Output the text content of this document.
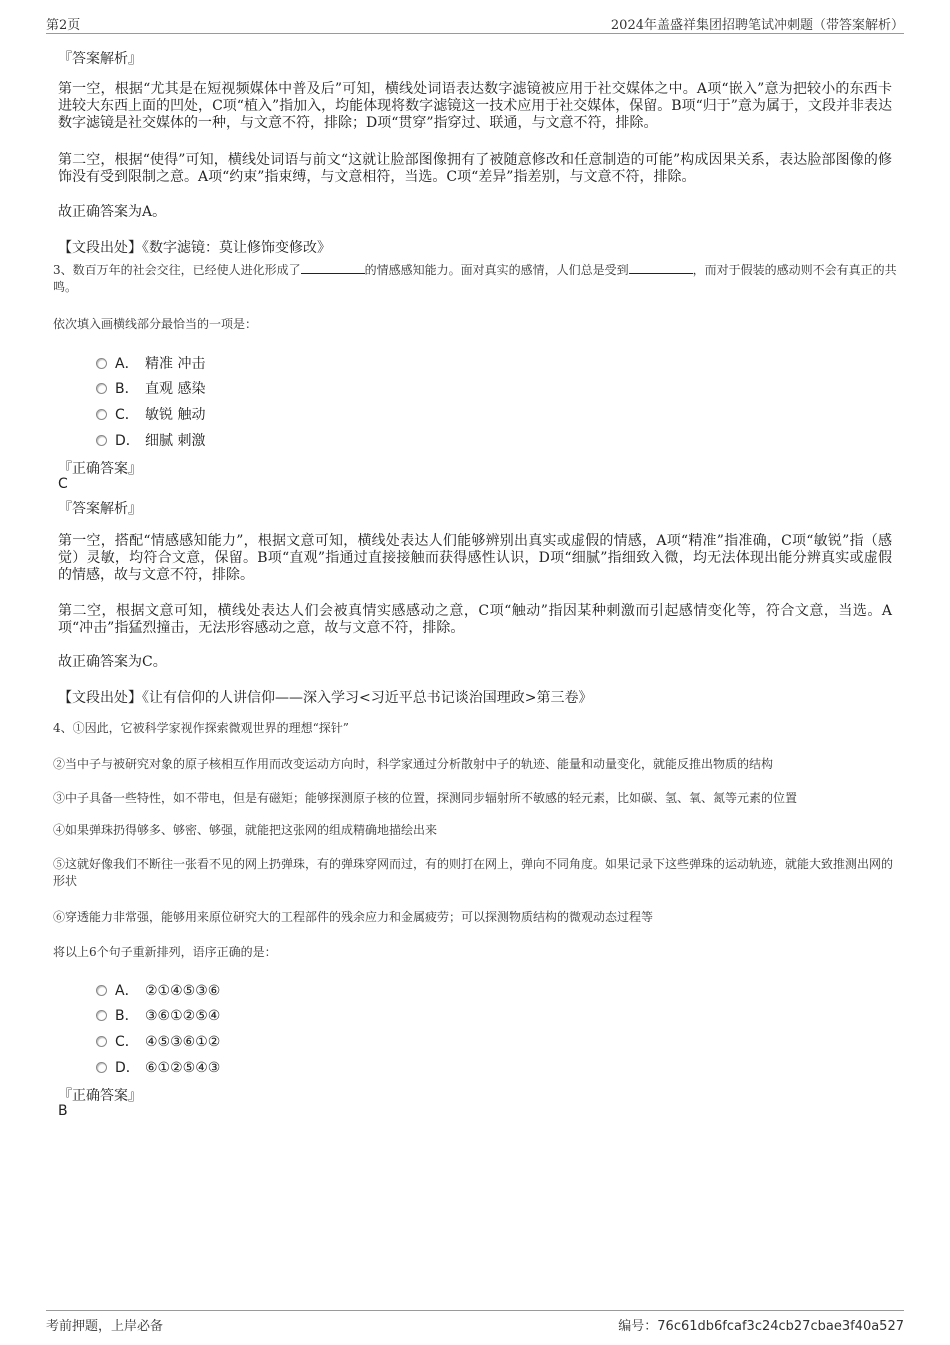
第2页	2024年盖盛祥集团招聘笔试冲刺题（带答案解析）
『答案解析』
第一空，根据“尤其是在短视频媒体中普及后”可知，横线处词语表达数字滤镜被应用于社交媒体之中。A项“嵌入”意为把较小的东西卡进较大东西上面的凹处，C项“植入”指加入，均能体现将数字滤镜这一技术应用于社交媒体，保留。B项“归于”意为属于，文段并非表达数字滤镜是社交媒体的一种，与文意不符，排除；D项“贯穿”指穿过、联通，与文意不符，排除。
第二空，根据“使得”可知，横线处词语与前文“这就让脸部图像拥有了被随意修改和任意制造的可能”构成因果关系，表达脸部图像的修饰没有受到限制之意。A项“约束”指束缚，与文意相符，当选。C项“差异”指差别，与文意不符，排除。
故正确答案为A。
【文段出处】《数字滤镜：莫让修饰变修改》
3、数百万年的社会交往，已经使人进化形成了	的情感感知能力。面对真实的感情，人们总是受到	，而对于假装的感动则不会有真正的共鸣。
依次填入画横线部分最恰当的一项是：
A． 精准 冲击
B． 直观 感染
C． 敏锐 触动
D． 细腻 刺激
『正确答案』
C
『答案解析』
第一空，搭配“情感感知能力”，根据文意可知，横线处表达人们能够辨别出真实或虚假的情感，A项“精准”指准确，C项“敏锐”指（感觉）灵敏，均符合文意，保留。B项“直观”指通过直接接触而获得感性认识，D项“细腻”指细致入微，均无法体现出能分辨真实或虚假的情感，故与文意不符，排除。
第二空，根据文意可知，横线处表达人们会被真情实感感动之意，C项“触动”指因某种刺激而引起感情变化等，符合文意，当选。A项“冲击”指猛烈撞击，无法形容感动之意，故与文意不符，排除。
故正确答案为C。
【文段出处】《让有信仰的人讲信仰——深入学习<习近平总书记谈治国理政>第三卷》
4、①因此，它被科学家视作探索微观世界的理想“探针”
②当中子与被研究对象的原子核相互作用而改变运动方向时，科学家通过分析散射中子的轨迹、能量和动量变化，就能反推出物质的结构
③中子具备一些特性，如不带电，但是有磁矩；能够探测原子核的位置，探测同步辐射所不敏感的轻元素，比如碳、氢、氧、氮等元素的位置
④如果弹珠扔得够多、够密、够强，就能把这张网的组成精确地描绘出来
⑤这就好像我们不断往一张看不见的网上扔弹珠，有的弹珠穿网而过，有的则打在网上，弹向不同角度。如果记录下这些弹珠的运动轨迹，就能大致推测出网的形状
⑥穿透能力非常强，能够用来原位研究大的工程部件的残余应力和金属疲劳；可以探测物质结构的微观动态过程等
将以上6个句子重新排列，语序正确的是：
A． ②①④⑤③⑥
B． ③⑥①②⑤④
C． ④⑤③⑥①②
D． ⑥①②⑤④③
『正确答案』
B
考前押题，上岸必备	编号：76c61db6fcaf3c24cb27cbae3f40a527
